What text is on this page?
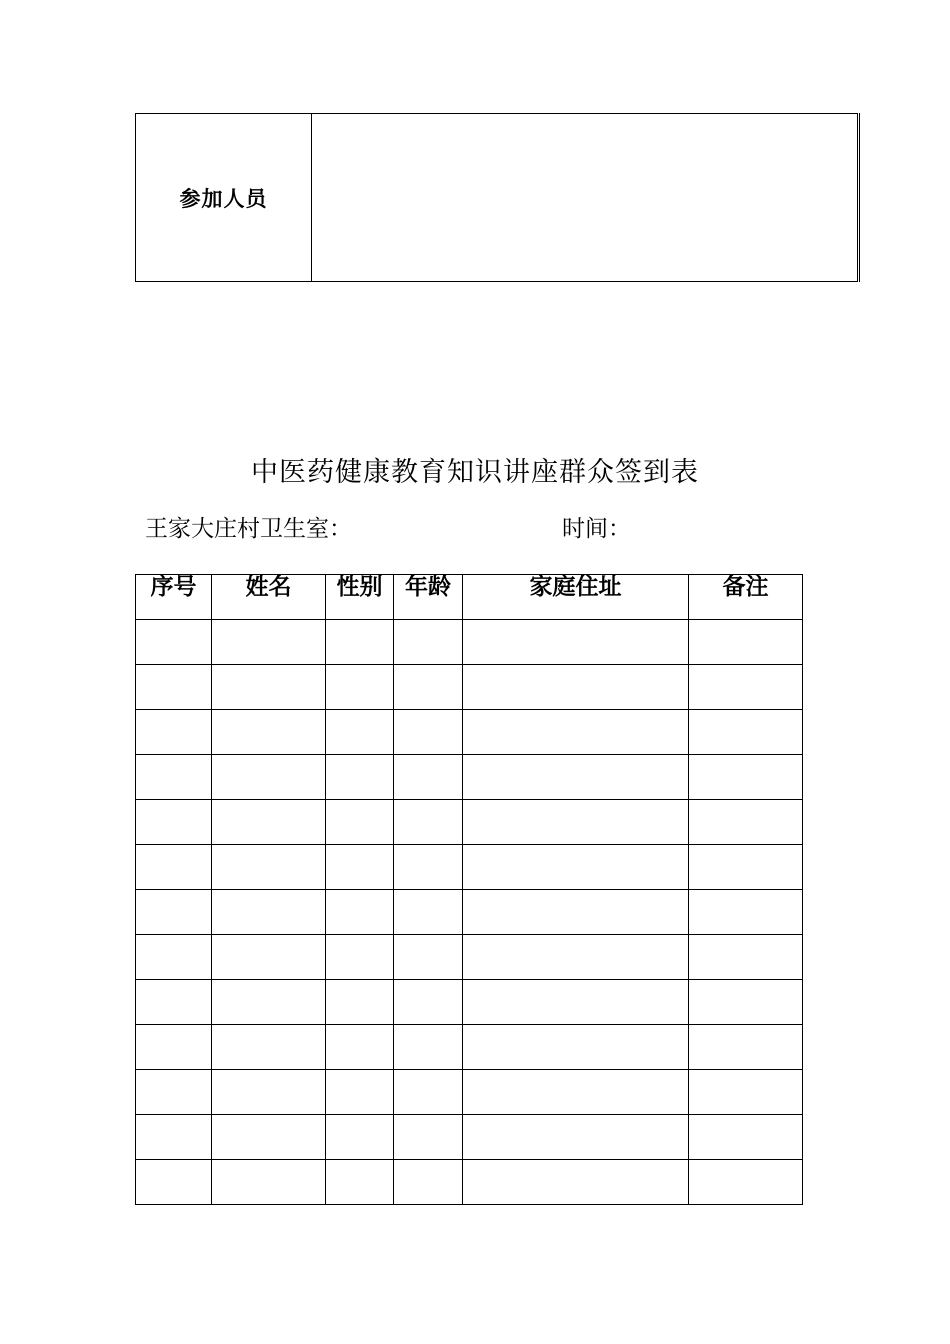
参加人员	
中医药健康教育知识讲座群众签到表
王家大庄村卫生室：	时间：
序号	姓名	性别	年龄	家庭住址	备注
